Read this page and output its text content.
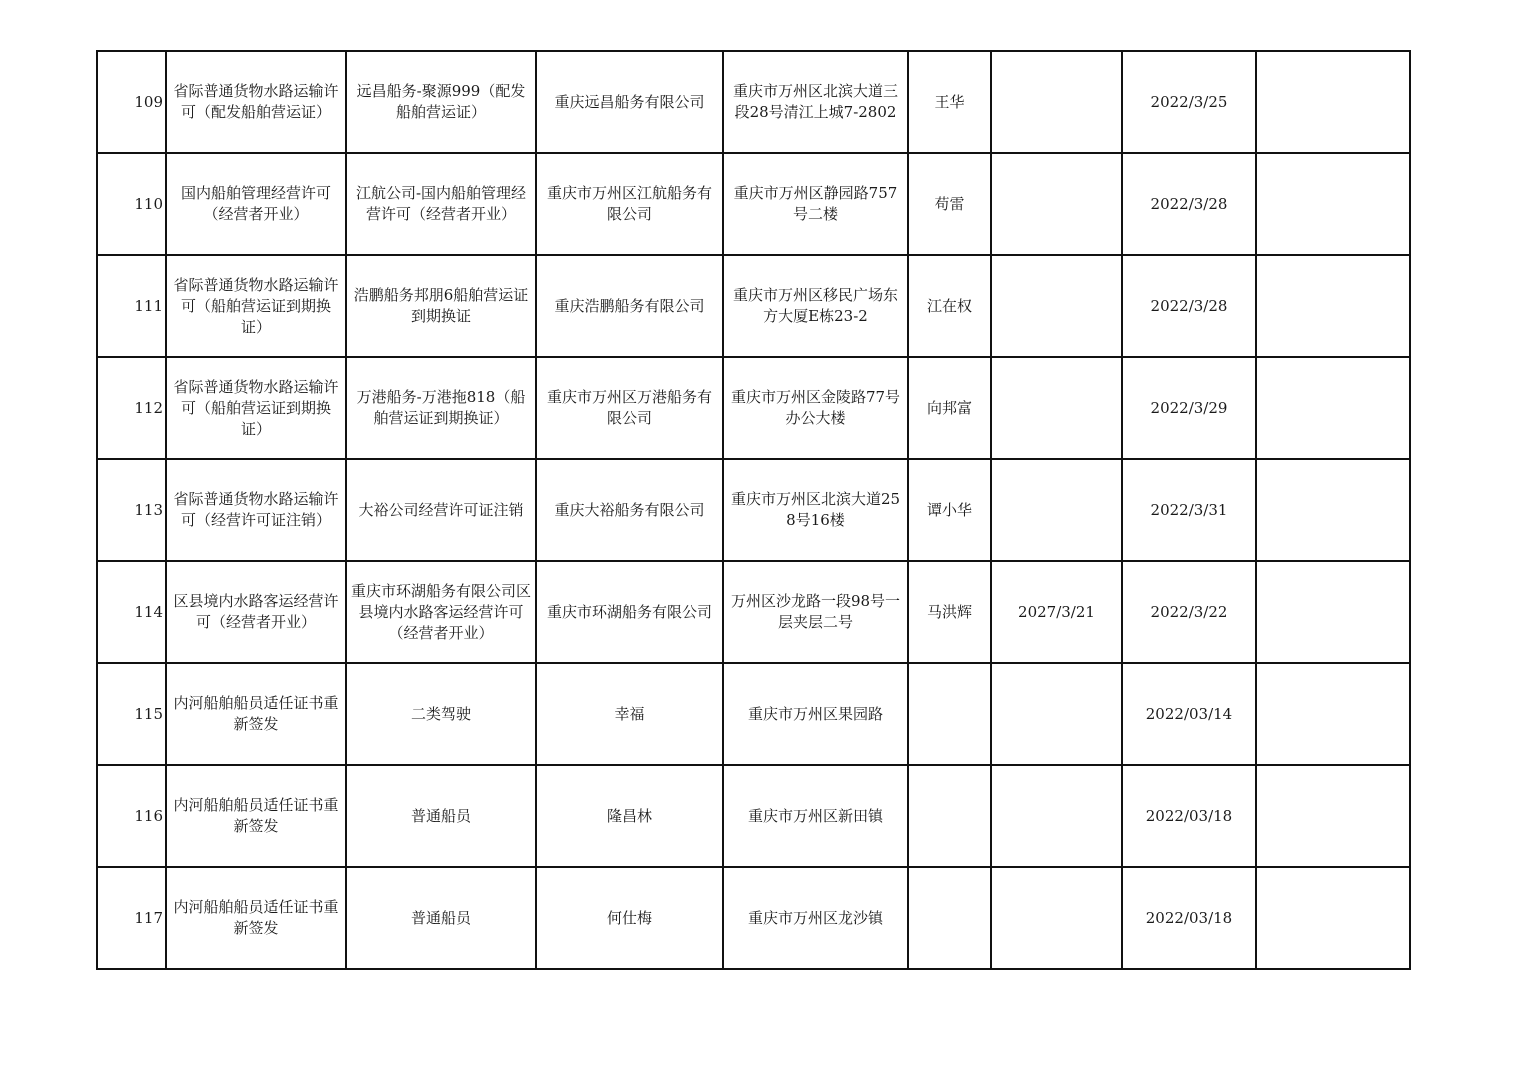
109	省际普通货物水路运输许可（配发船舶营运证）	远昌船务-聚源999（配发船舶营运证）	重庆远昌船务有限公司	重庆市万州区北滨大道三段28号清江上城7-2802	王华		2022/3/25	
110	国内船舶管理经营许可（经营者开业）	江航公司-国内船舶管理经营许可（经营者开业）	重庆市万州区江航船务有限公司	重庆市万州区静园路757号二楼	苟雷		2022/3/28	
111	省际普通货物水路运输许可（船舶营运证到期换证）	浩鹏船务邦朋6船舶营运证到期换证	重庆浩鹏船务有限公司	重庆市万州区移民广场东方大厦E栋23-2	江在权		2022/3/28	
112	省际普通货物水路运输许可（船舶营运证到期换证）	万港船务-万港拖818（船舶营运证到期换证）	重庆市万州区万港船务有限公司	重庆市万州区金陵路77号办公大楼	向邦富		2022/3/29	
113	省际普通货物水路运输许可（经营许可证注销）	大裕公司经营许可证注销	重庆大裕船务有限公司	重庆市万州区北滨大道258号16楼	谭小华		2022/3/31	
114	区县境内水路客运经营许可（经营者开业）	重庆市环湖船务有限公司区县境内水路客运经营许可（经营者开业）	重庆市环湖船务有限公司	万州区沙龙路一段98号一层夹层二号	马洪辉	2027/3/21	2022/3/22	
115	内河船舶船员适任证书重新签发	二类驾驶	幸福	重庆市万州区果园路			2022/03/14	
116	内河船舶船员适任证书重新签发	普通船员	隆昌林	重庆市万州区新田镇			2022/03/18	
117	内河船舶船员适任证书重新签发	普通船员	何仕梅	重庆市万州区龙沙镇			2022/03/18	
